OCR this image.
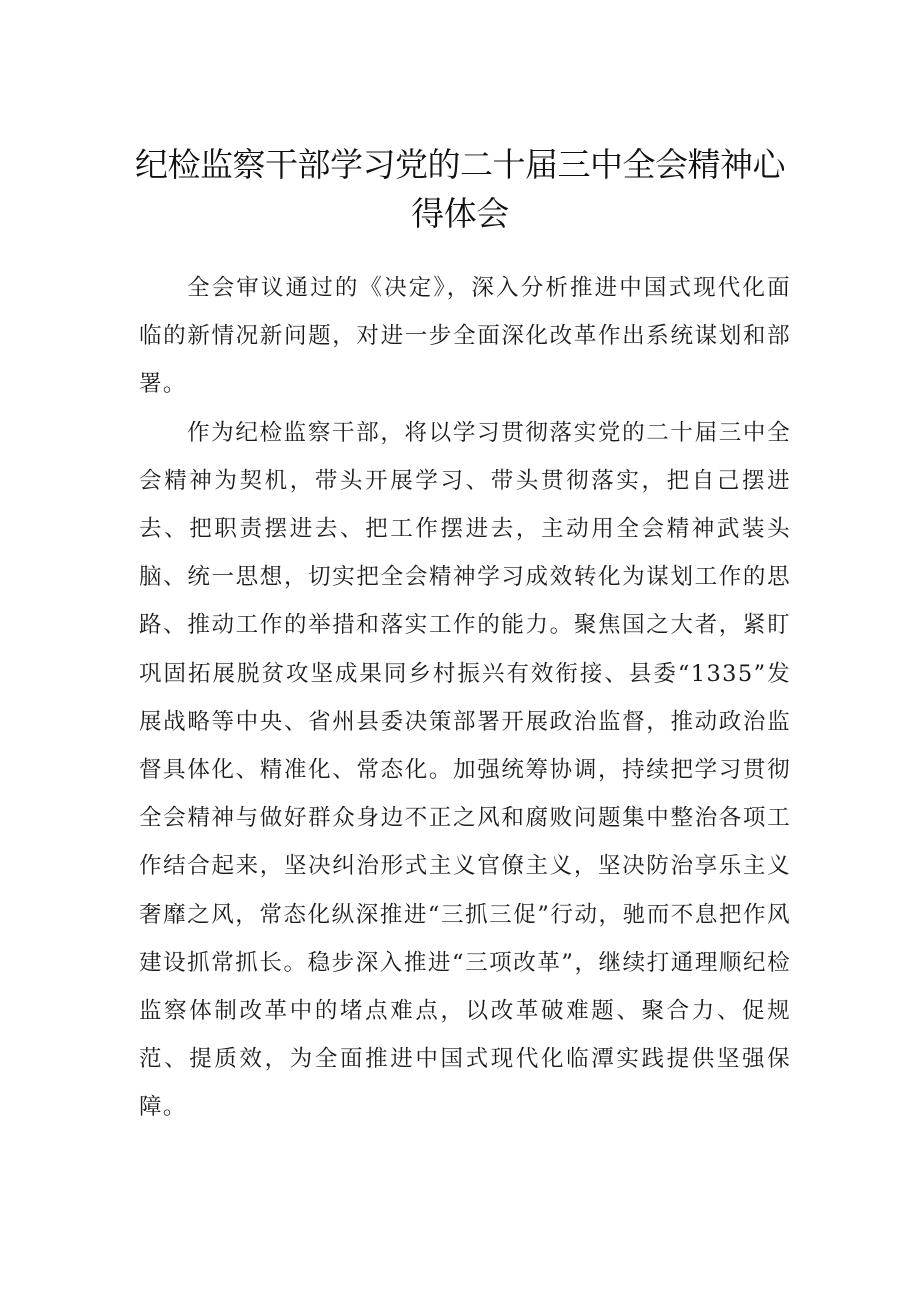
纪检监察干部学习党的二十届三中全会精神心得体会

全会审议通过的《决定》，深入分析推进中国式现代化面临的新情况新问题，对进一步全面深化改革作出系统谋划和部署。

作为纪检监察干部，将以学习贯彻落实党的二十届三中全会精神为契机，带头开展学习、带头贯彻落实，把自己摆进去、把职责摆进去、把工作摆进去，主动用全会精神武装头脑、统一思想，切实把全会精神学习成效转化为谋划工作的思路、推动工作的举措和落实工作的能力。聚焦国之大者，紧盯巩固拓展脱贫攻坚成果同乡村振兴有效衔接、县委“1335”发展战略等中央、省州县委决策部署开展政治监督，推动政治监督具体化、精准化、常态化。加强统筹协调，持续把学习贯彻全会精神与做好群众身边不正之风和腐败问题集中整治各项工作结合起来，坚决纠治形式主义官僚主义，坚决防治享乐主义奢靡之风，常态化纵深推进“三抓三促”行动，驰而不息把作风建设抓常抓长。稳步深入推进“三项改革”，继续打通理顺纪检监察体制改革中的堵点难点，以改革破难题、聚合力、促规范、提质效，为全面推进中国式现代化临潭实践提供坚强保障。
